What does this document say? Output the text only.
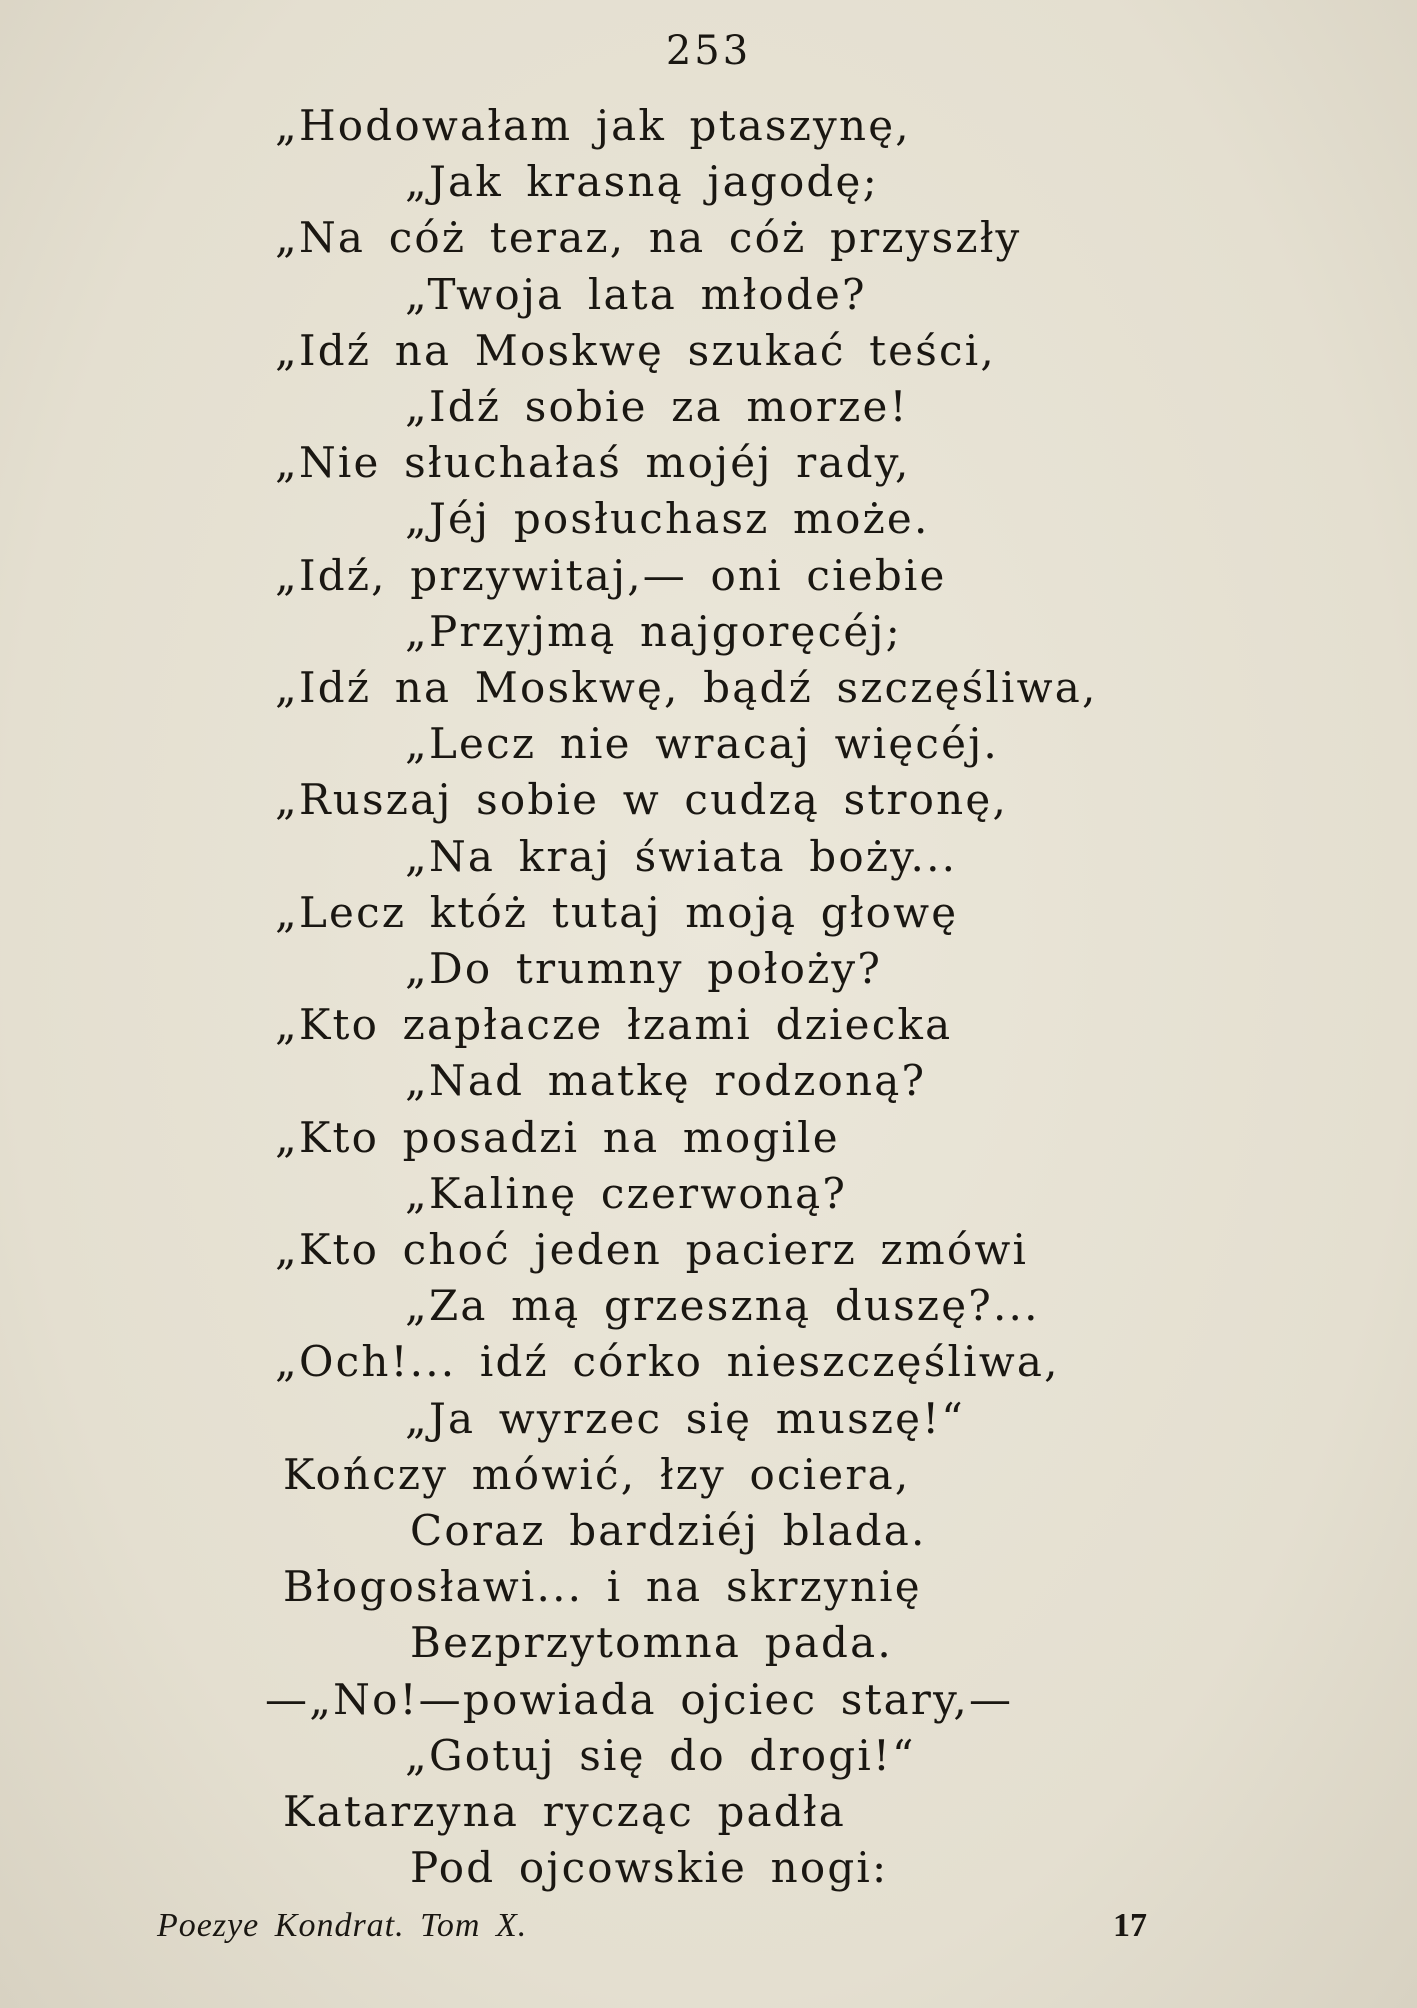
253
„Hodowałam jak ptaszynę,
„Jak krasną jagodę;
„Na cóż teraz, na cóż przyszły
„Twoja lata młode?
„Idź na Moskwę szukać teści,
„Idź sobie za morze!
„Nie słuchałaś mojéj rady,
„Jéj posłuchasz może.
„Idź, przywitaj,— oni ciebie
„Przyjmą najgoręcéj;
„Idź na Moskwę, bądź szczęśliwa,
„Lecz nie wracaj więcéj.
„Ruszaj sobie w cudzą stronę,
„Na kraj świata boży...
„Lecz któż tutaj moją głowę
„Do trumny położy?
„Kto zapłacze łzami dziecka
„Nad matkę rodzoną?
„Kto posadzi na mogile
„Kalinę czerwoną?
„Kto choć jeden pacierz zmówi
„Za mą grzeszną duszę?...
„Och!... idź córko nieszczęśliwa,
„Ja wyrzec się muszę!“
Kończy mówić, łzy ociera,
Coraz bardziéj blada.
Błogosławi... i na skrzynię
Bezprzytomna pada.
—„No!—powiada ojciec stary,—
„Gotuj się do drogi!“
Katarzyna rycząc padła
Pod ojcowskie nogi:
Poezye Kondrat. Tom X.	17
